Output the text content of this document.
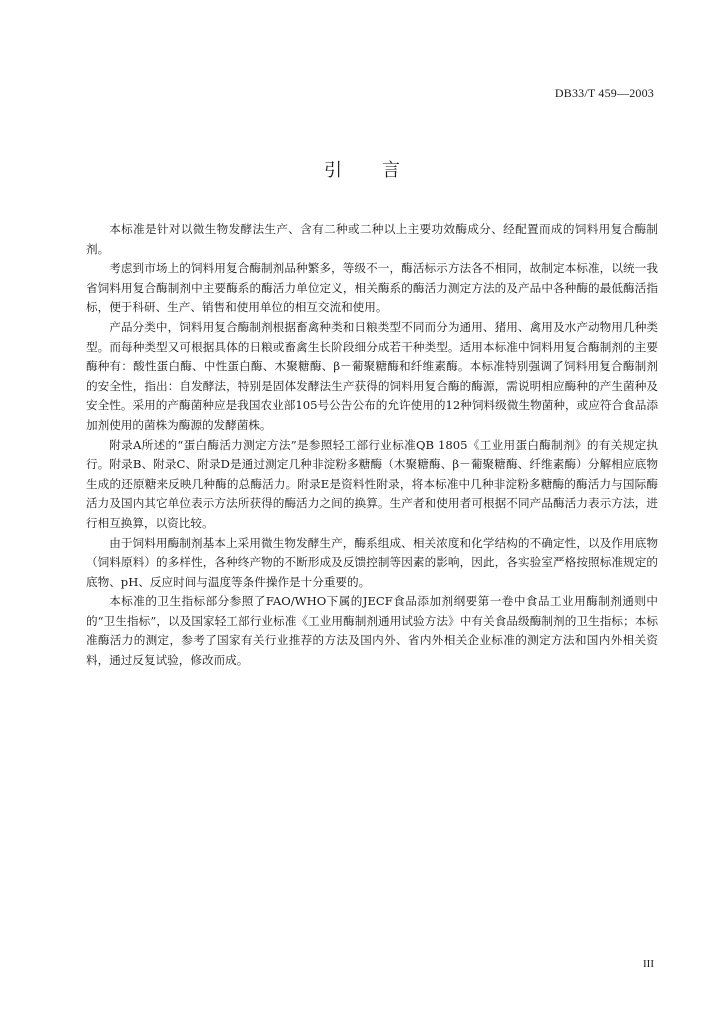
DB33/T 459—2003
引言

本标准是针对以微生物发酵法生产、含有二种或二种以上主要功效酶成分、经配置而成的饲料用复合酶制剂。

考虑到市场上的饲料用复合酶制剂品种繁多，等级不一，酶活标示方法各不相同，故制定本标准，以统一我省饲料用复合酶制剂中主要酶系的酶活力单位定义，相关酶系的酶活力测定方法的及产品中各种酶的最低酶活指标，便于科研、生产、销售和使用单位的相互交流和使用。

产品分类中，饲料用复合酶制剂根据畜禽种类和日粮类型不同而分为通用、猪用、禽用及水产动物用几种类型。而每种类型又可根据具体的日粮或畜禽生长阶段细分成若干种类型。适用本标准中饲料用复合酶制剂的主要酶种有：酸性蛋白酶、中性蛋白酶、木聚糖酶、β－葡聚糖酶和纤维素酶。本标准特别强调了饲料用复合酶制剂的安全性，指出：自发酵法，特别是固体发酵法生产获得的饲料用复合酶的酶源，需说明相应酶种的产生菌种及安全性。采用的产酶菌种应是我国农业部105号公告公布的允许使用的12种饲料级微生物菌种，或应符合食品添加剂使用的菌株为酶源的发酵菌株。

附录A所述的“蛋白酶活力测定方法”是参照轻工部行业标准QB 1805《工业用蛋白酶制剂》的有关规定执行。附录B、附录C、附录D是通过测定几种非淀粉多糖酶（木聚糖酶、β－葡聚糖酶、纤维素酶）分解相应底物生成的还原糖来反映几种酶的总酶活力。附录E是资料性附录，将本标准中几种非淀粉多糖酶的酶活力与国际酶活力及国内其它单位表示方法所获得的酶活力之间的换算。生产者和使用者可根据不同产品酶活力表示方法，进行相互换算，以资比较。

由于饲料用酶制剂基本上采用微生物发酵生产，酶系组成、相关浓度和化学结构的不确定性，以及作用底物（饲料原料）的多样性，各种终产物的不断形成及反馈控制等因素的影响，因此，各实验室严格按照标准规定的底物、pH、反应时间与温度等条件操作是十分重要的。

本标准的卫生指标部分参照了FAO/WHO下属的JECF食品添加剂纲要第一卷中食品工业用酶制剂通则中的“卫生指标”，以及国家轻工部行业标准《工业用酶制剂通用试验方法》中有关食品级酶制剂的卫生指标；本标准酶活力的测定，参考了国家有关行业推荐的方法及国内外、省内外相关企业标准的测定方法和国内外相关资料，通过反复试验，修改而成。

III
